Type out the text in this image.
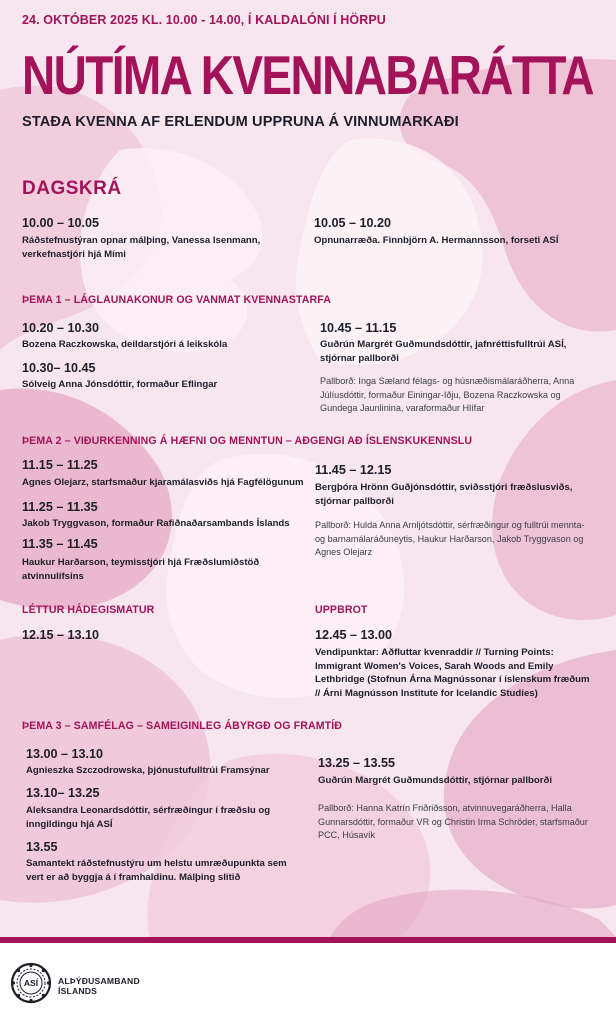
24. OKTÓBER 2025 KL. 10.00 - 14.00, Í KALDALÓNI Í HÖRPU
NÚTÍMA KVENNABARÁTTA
STAÐA KVENNA AF ERLENDUM UPPRUNA Á VINNUMARKAÐI
DAGSKRÁ
10.00 – 10.05
Ráðstefnustýran opnar málþing, Vanessa Isenmann, verkefnastjóri hjá Mími
10.05 – 10.20
Opnunarræða. Finnbjörn A. Hermannsson, forseti ASÍ
ÞEMA 1 – LÁGLAUNAKONUR OG VANMAT KVENNASTARFA
10.20 – 10.30
Bozena Raczkowska, deildarstjóri á leikskóla
10.30– 10.45
Sólveig Anna Jónsdóttir, formaður Eflingar
10.45 – 11.15
Guðrún Margrét Guðmundsdóttir, jafnréttisfulltrúi ASÍ, stjórnar pallborði
Pallborð: Inga Sæland félags- og húsnæðismálaráðherra, Anna Júlíusdóttir, formaður Einingar-Iðju, Bozena Raczkowska og Gundega Jaunlinina, varaformaður Hlífar
ÞEMA 2 – VIÐURKENNING Á HÆFNI OG MENNTUN – AÐGENGI AÐ ÍSLENSKUKENNSLU
11.15 – 11.25
Agnes Olejarz, starfsmaður kjaramálasviðs hjá Fagfélögunum
11.25 – 11.35
Jakob Tryggvason, formaður Rafiðnaðarsambands Íslands
11.35 – 11.45
Haukur Harðarson, teymisstjóri hjá Fræðslumiðstöð atvinnulífsins
11.45 – 12.15
Bergþóra Hrönn Guðjónsdóttir, sviðsstjóri fræðslusviðs, stjórnar pallborði
Pallborð: Hulda Anna Arnljótsdóttir, sérfræðingur og fulltrúi mennta- og barnamálaráðuneytis, Haukur Harðarson, Jakob Tryggvason og Agnes Olejarz
LÉTTUR HÁDEGISMATUR
12.15 – 13.10
UPPBROT
12.45 – 13.00
Vendipunktar: Aðfluttar kvenraddir // Turning Points: Immigrant Women's Voices, Sarah Woods and Emily Lethbridge (Stofnun Árna Magnússonar í íslenskum fræðum // Árni Magnússon Institute for Icelandic Studies)
ÞEMA 3 – SAMFÉLAG – SAMEIGINLEG ÁBYRGÐ OG FRAMTÍÐ
13.00 – 13.10
Agnieszka Szczodrowska, þjónustufulltrúi Framsýnar
13.10– 13.25
Aleksandra Leonardsdóttir, sérfræðingur í fræðslu og inngildingu hjá ASÍ
13.55
Samantekt ráðstefnustýru um helstu umræðupunkta sem vert er að byggja á í framhaldinu. Málþing slitið
13.25 – 13.55
Guðrún Margrét Guðmundsdóttir, stjórnar pallborði
Pallborð: Hanna Katrín Friðriðsson, atvinnuvegaráðherra, Halla Gunnarsdóttir, formaður VR og Christin Irma Schröder, starfsmaður PCC, Húsavík
ASÍ ALÞÝÐUSAMBAND
ÍSLANDS
